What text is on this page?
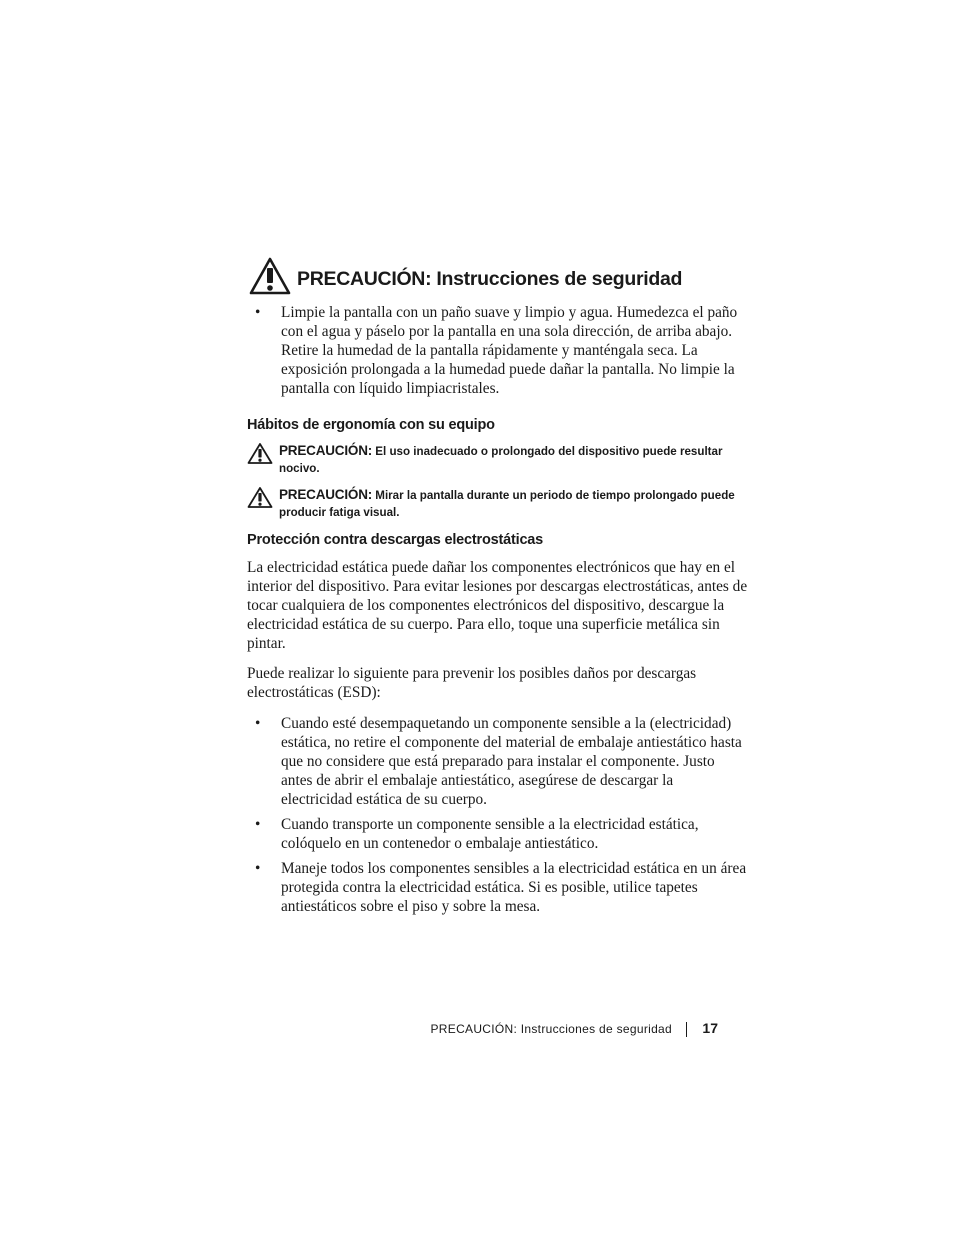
PRECAUCIÓN: Instrucciones de seguridad
• Limpie la pantalla con un paño suave y limpio y agua. Humedezca el paño con el agua y páselo por la pantalla en una sola dirección, de arriba abajo. Retire la humedad de la pantalla rápidamente y manténgala seca. La exposición prolongada a la humedad puede dañar la pantalla. No limpie la pantalla con líquido limpiacristales.
Hábitos de ergonomía con su equipo
PRECAUCIÓN: El uso inadecuado o prolongado del dispositivo puede resultar nocivo.
PRECAUCIÓN: Mirar la pantalla durante un periodo de tiempo prolongado puede producir fatiga visual.
Protección contra descargas electrostáticas

La electricidad estática puede dañar los componentes electrónicos que hay en el interior del dispositivo. Para evitar lesiones por descargas electrostáticas, antes de tocar cualquiera de los componentes electrónicos del dispositivo, descargue la electricidad estática de su cuerpo. Para ello, toque una superficie metálica sin pintar.

Puede realizar lo siguiente para prevenir los posibles daños por descargas electrostáticas (ESD):

• Cuando esté desempaquetando un componente sensible a la (electricidad) estática, no retire el componente del material de embalaje antiestático hasta que no considere que está preparado para instalar el componente. Justo antes de abrir el embalaje antiestático, asegúrese de descargar la electricidad estática de su cuerpo.
• Cuando transporte un componente sensible a la electricidad estática, colóquelo en un contenedor o embalaje antiestático.
• Maneje todos los componentes sensibles a la electricidad estática en un área protegida contra la electricidad estática. Si es posible, utilice tapetes antiestáticos sobre el piso y sobre la mesa.
PRECAUCIÓN: Instrucciones de seguridad 17
